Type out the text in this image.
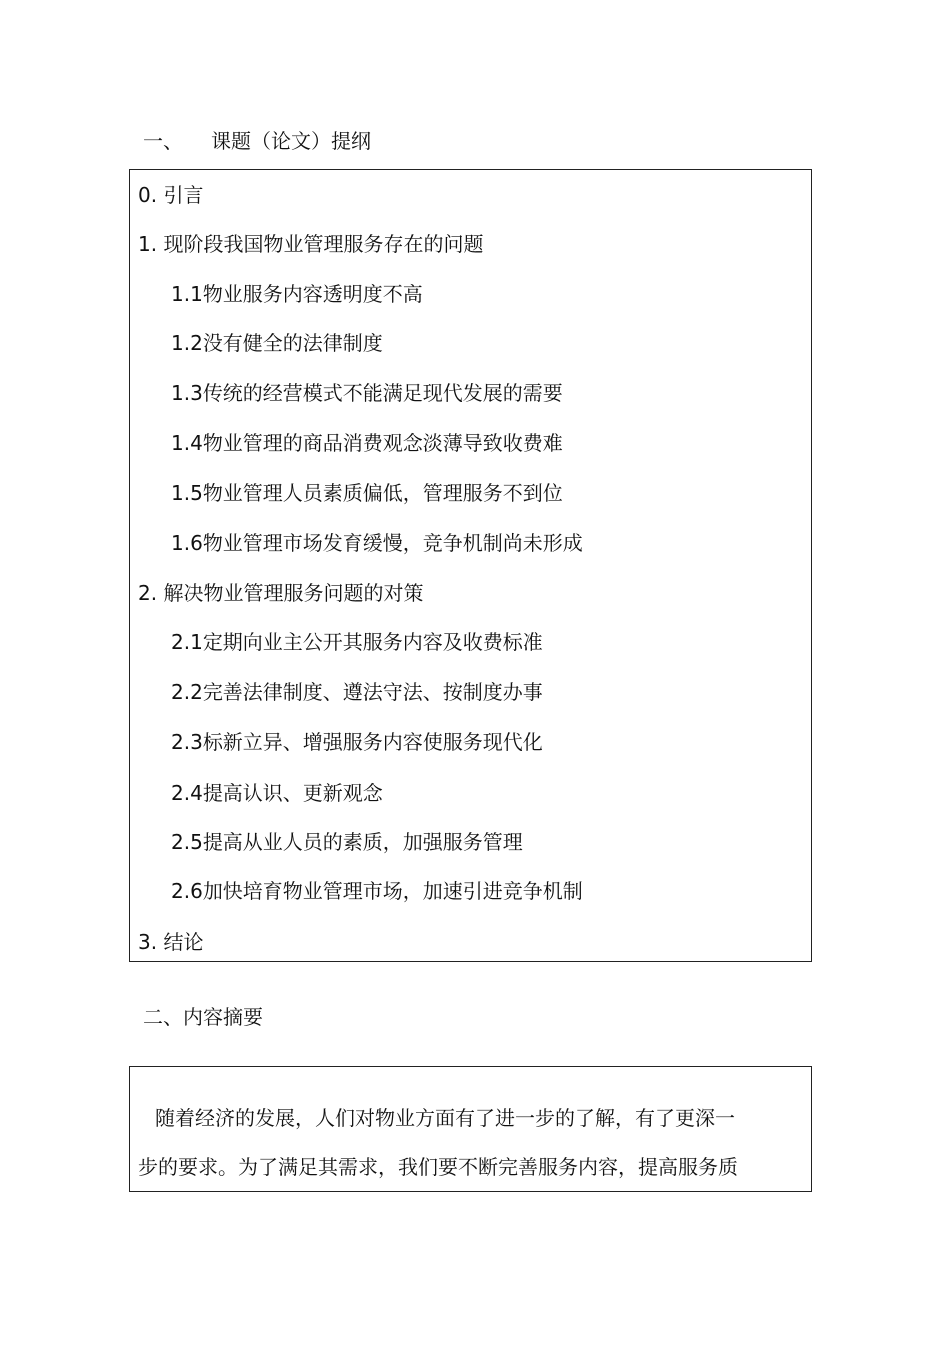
一、 课题（论文）提纲
0. 引言
1. 现阶段我国物业管理服务存在的问题
1.1物业服务内容透明度不高
1.2没有健全的法律制度
1.3传统的经营模式不能满足现代发展的需要
1.4物业管理的商品消费观念淡薄导致收费难
1.5物业管理人员素质偏低，管理服务不到位
1.6物业管理市场发育缓慢，竞争机制尚未形成
2. 解决物业管理服务问题的对策
2.1定期向业主公开其服务内容及收费标准
2.2完善法律制度、遵法守法、按制度办事
2.3标新立异、增强服务内容使服务现代化
2.4提高认识、更新观念
2.5提高从业人员的素质，加强服务管理
2.6加快培育物业管理市场，加速引进竞争机制
3. 结论
二、内容摘要
随着经济的发展，人们对物业方面有了进一步的了解，有了更深一
步的要求。为了满足其需求，我们要不断完善服务内容，提高服务质
